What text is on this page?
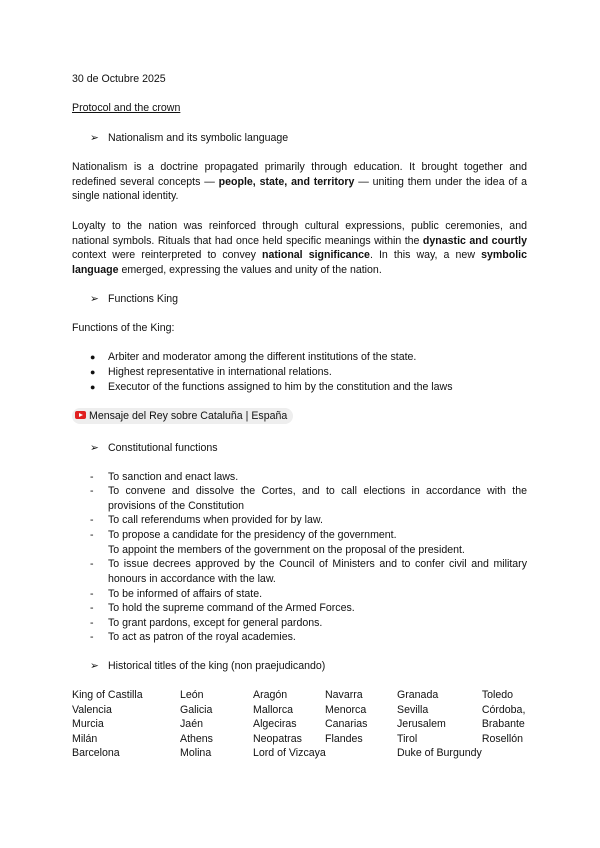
30 de Octubre 2025
Protocol and the crown
➢ Nationalism and its symbolic language
Nationalism is a doctrine propagated primarily through education. It brought together and redefined several concepts — people, state, and territory — uniting them under the idea of a single national identity.
Loyalty to the nation was reinforced through cultural expressions, public ceremonies, and national symbols. Rituals that had once held specific meanings within the dynastic and courtly context were reinterpreted to convey national significance. In this way, a new symbolic language emerged, expressing the values and unity of the nation.
➢ Functions King
Functions of the King:
● Arbiter and moderator among the different institutions of the state.
● Highest representative in international relations.
● Executor of the functions assigned to him by the constitution and the laws
Mensaje del Rey sobre Cataluña | España
➢ Constitutional functions
- To sanction and enact laws.
- To convene and dissolve the Cortes, and to call elections in accordance with the provisions of the Constitution
- To call referendums when provided for by law.
- To propose a candidate for the presidency of the government.
To appoint the members of the government on the proposal of the president.
- To issue decrees approved by the Council of Ministers and to confer civil and military honours in accordance with the law.
- To be informed of affairs of state.
- To hold the supreme command of the Armed Forces.
- To grant pardons, except for general pardons.
- To act as patron of the royal academies.
➢ Historical titles of the king (non praejudicando)
King of Castilla	León	Aragón	Navarra	Granada	Toledo
Valencia	Galicia	Mallorca	Menorca	Sevilla	Córdoba,
Murcia	Jaén	Algeciras	Canarias	Jerusalem	Brabante
Milán	Athens	Neopatras	Flandes	Tirol	Rosellón
Barcelona	Molina	Lord of Vizcaya		Duke of Burgundy	
